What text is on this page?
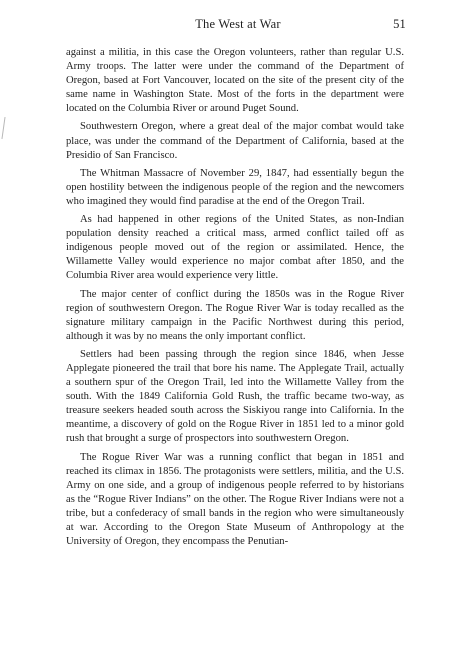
The West at War	51

against a militia, in this case the Oregon volunteers, rather than regular U.S. Army troops. The latter were under the command of the Department of Oregon, based at Fort Vancouver, located on the site of the present city of the same name in Washington State. Most of the forts in the department were located on the Columbia River or around Puget Sound.

Southwestern Oregon, where a great deal of the major combat would take place, was under the command of the Department of California, based at the Presidio of San Francisco.

The Whitman Massacre of November 29, 1847, had essentially begun the open hostility between the indigenous people of the region and the newcomers who imagined they would find paradise at the end of the Oregon Trail.

As had happened in other regions of the United States, as non-Indian population density reached a critical mass, armed conflict tailed off as indigenous people moved out of the region or assimilated. Hence, the Willamette Valley would experience no major combat after 1850, and the Columbia River area would experience very little.

The major center of conflict during the 1850s was in the Rogue River region of southwestern Oregon. The Rogue River War is today recalled as the signature military campaign in the Pacific Northwest during this period, although it was by no means the only important conflict.

Settlers had been passing through the region since 1846, when Jesse Applegate pioneered the trail that bore his name. The Applegate Trail, actually a southern spur of the Oregon Trail, led into the Willamette Valley from the south. With the 1849 California Gold Rush, the traffic became two-way, as treasure seekers headed south across the Siskiyou range into California. In the meantime, a discovery of gold on the Rogue River in 1851 led to a minor gold rush that brought a surge of prospectors into southwestern Oregon.

The Rogue River War was a running conflict that began in 1851 and reached its climax in 1856. The protagonists were settlers, militia, and the U.S. Army on one side, and a group of indigenous people referred to by historians as the “Rogue River Indians” on the other. The Rogue River Indians were not a tribe, but a confederacy of small bands in the region who were simultaneously at war. According to the Oregon State Museum of Anthropology at the University of Oregon, they encompass the Penutian-
